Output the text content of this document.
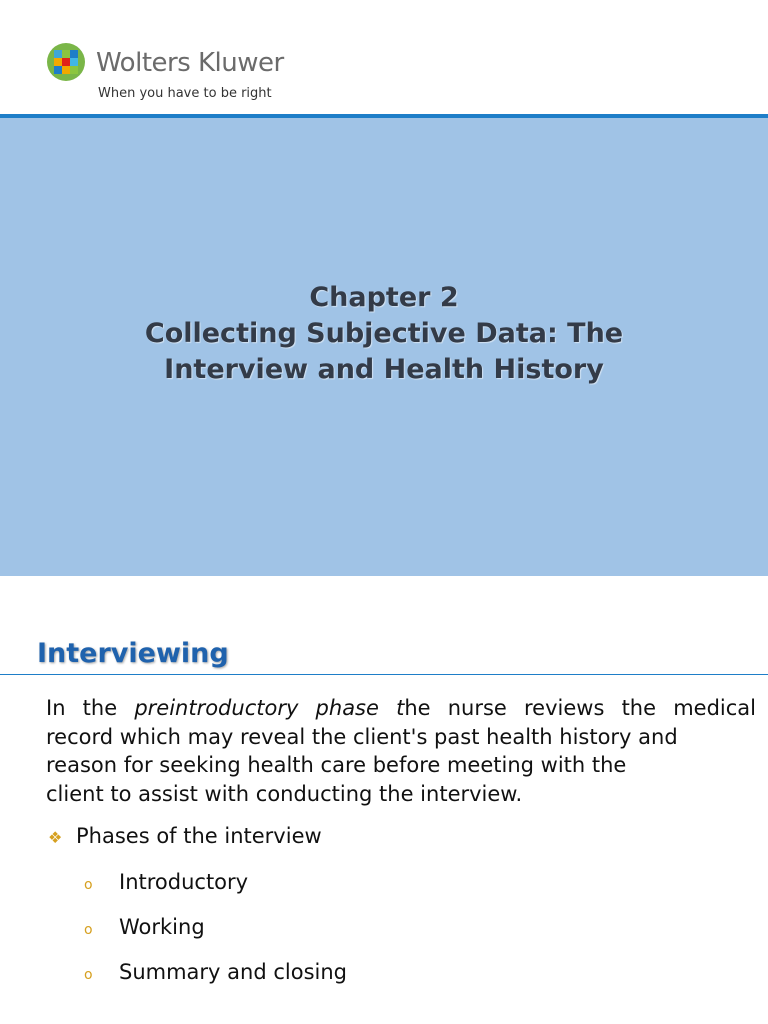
Wolters Kluwer
When you have to be right
Chapter 2
Collecting Subjective Data: The
Interview and Health History
Interviewing
In the preintroductory phase the nurse reviews the medical
record which may reveal the client's past health history and
reason for seeking health care before meeting with the
client to assist with conducting the interview.
❖ Phases of the interview
o Introductory
o Working
o Summary and closing
